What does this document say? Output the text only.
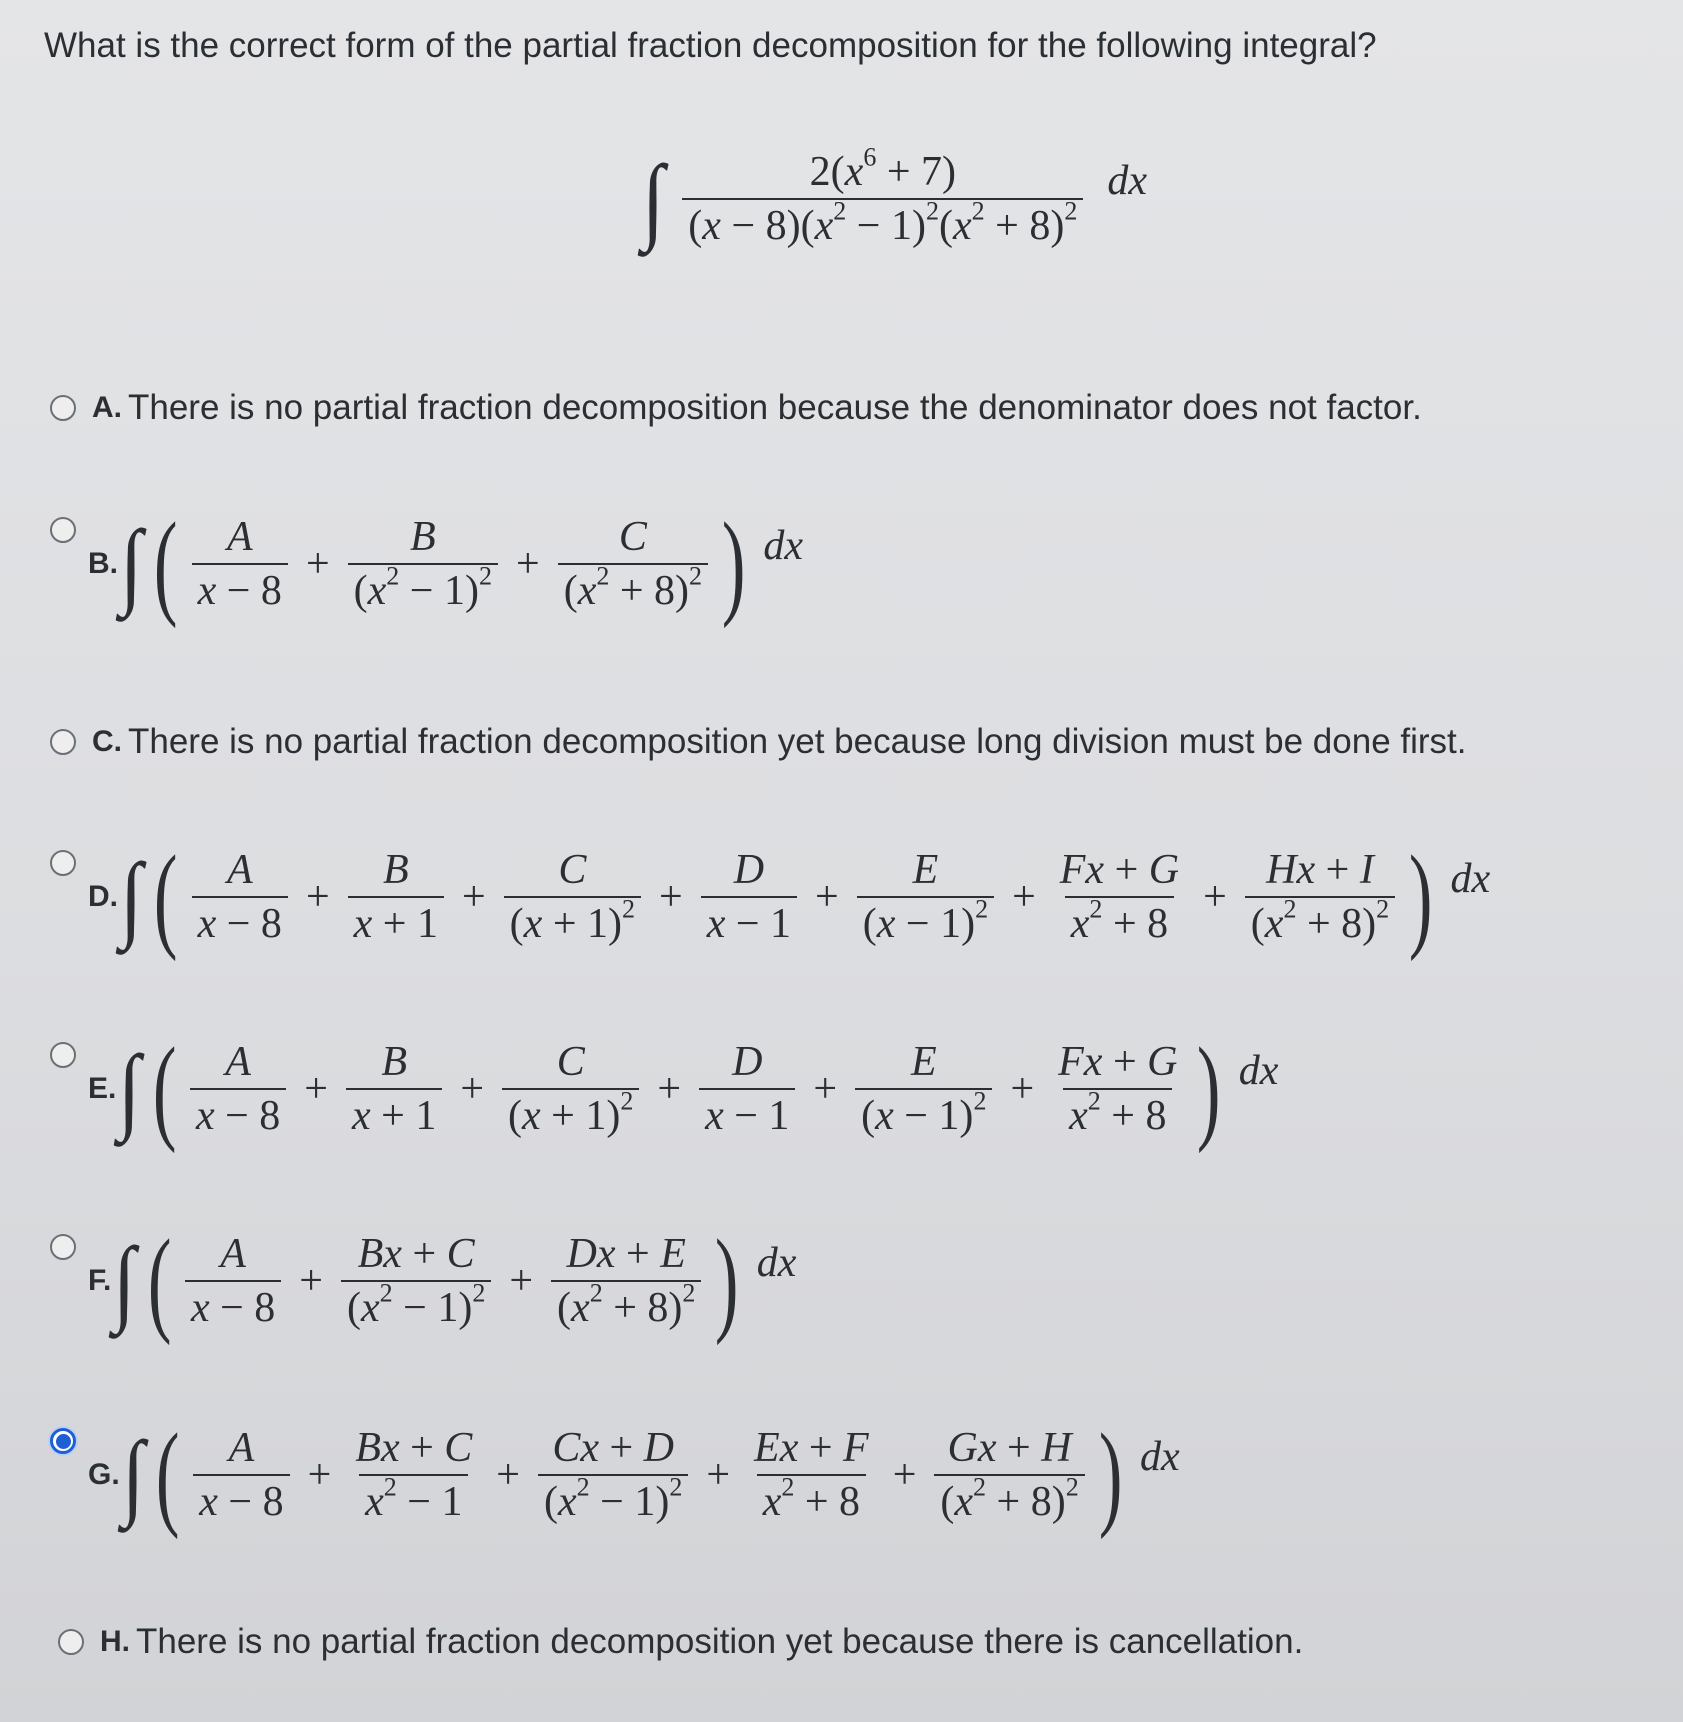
What is the correct form of the partial fraction decomposition for the following integral?
∫ $\frac{2(x^6 + 7)}{(x - 8)(x^2 - 1)^2(x^2 + 8)^2}$ dx
A. There is no partial fraction decomposition because the denominator does not factor.
B. ∫ ( $\frac{A}{x - 8} + \frac{B}{(x^2 - 1)^2} + \frac{C}{(x^2 + 8)^2}$ ) dx
C. There is no partial fraction decomposition yet because long division must be done first.
D. ∫ ( $\frac{A}{x - 8} + \frac{B}{x + 1} + \frac{C}{(x + 1)^2} + \frac{D}{x - 1} + \frac{E}{(x - 1)^2} + \frac{Fx + G}{x^2 + 8} + \frac{Hx + I}{(x^2 + 8)^2}$ ) dx
E. ∫ ( $\frac{A}{x - 8} + \frac{B}{x + 1} + \frac{C}{(x + 1)^2} + \frac{D}{x - 1} + \frac{E}{(x - 1)^2} + \frac{Fx + G}{x^2 + 8}$ ) dx
F. ∫ ( $\frac{A}{x - 8} + \frac{Bx + C}{(x^2 - 1)^2} + \frac{Dx + E}{(x^2 + 8)^2}$ ) dx
G. ∫ ( $\frac{A}{x - 8} + \frac{Bx + C}{x^2 - 1} + \frac{Cx + D}{(x^2 - 1)^2} + \frac{Ex + F}{x^2 + 8} + \frac{Gx + H}{(x^2 + 8)^2}$ ) dx
H. There is no partial fraction decomposition yet because there is cancellation.
